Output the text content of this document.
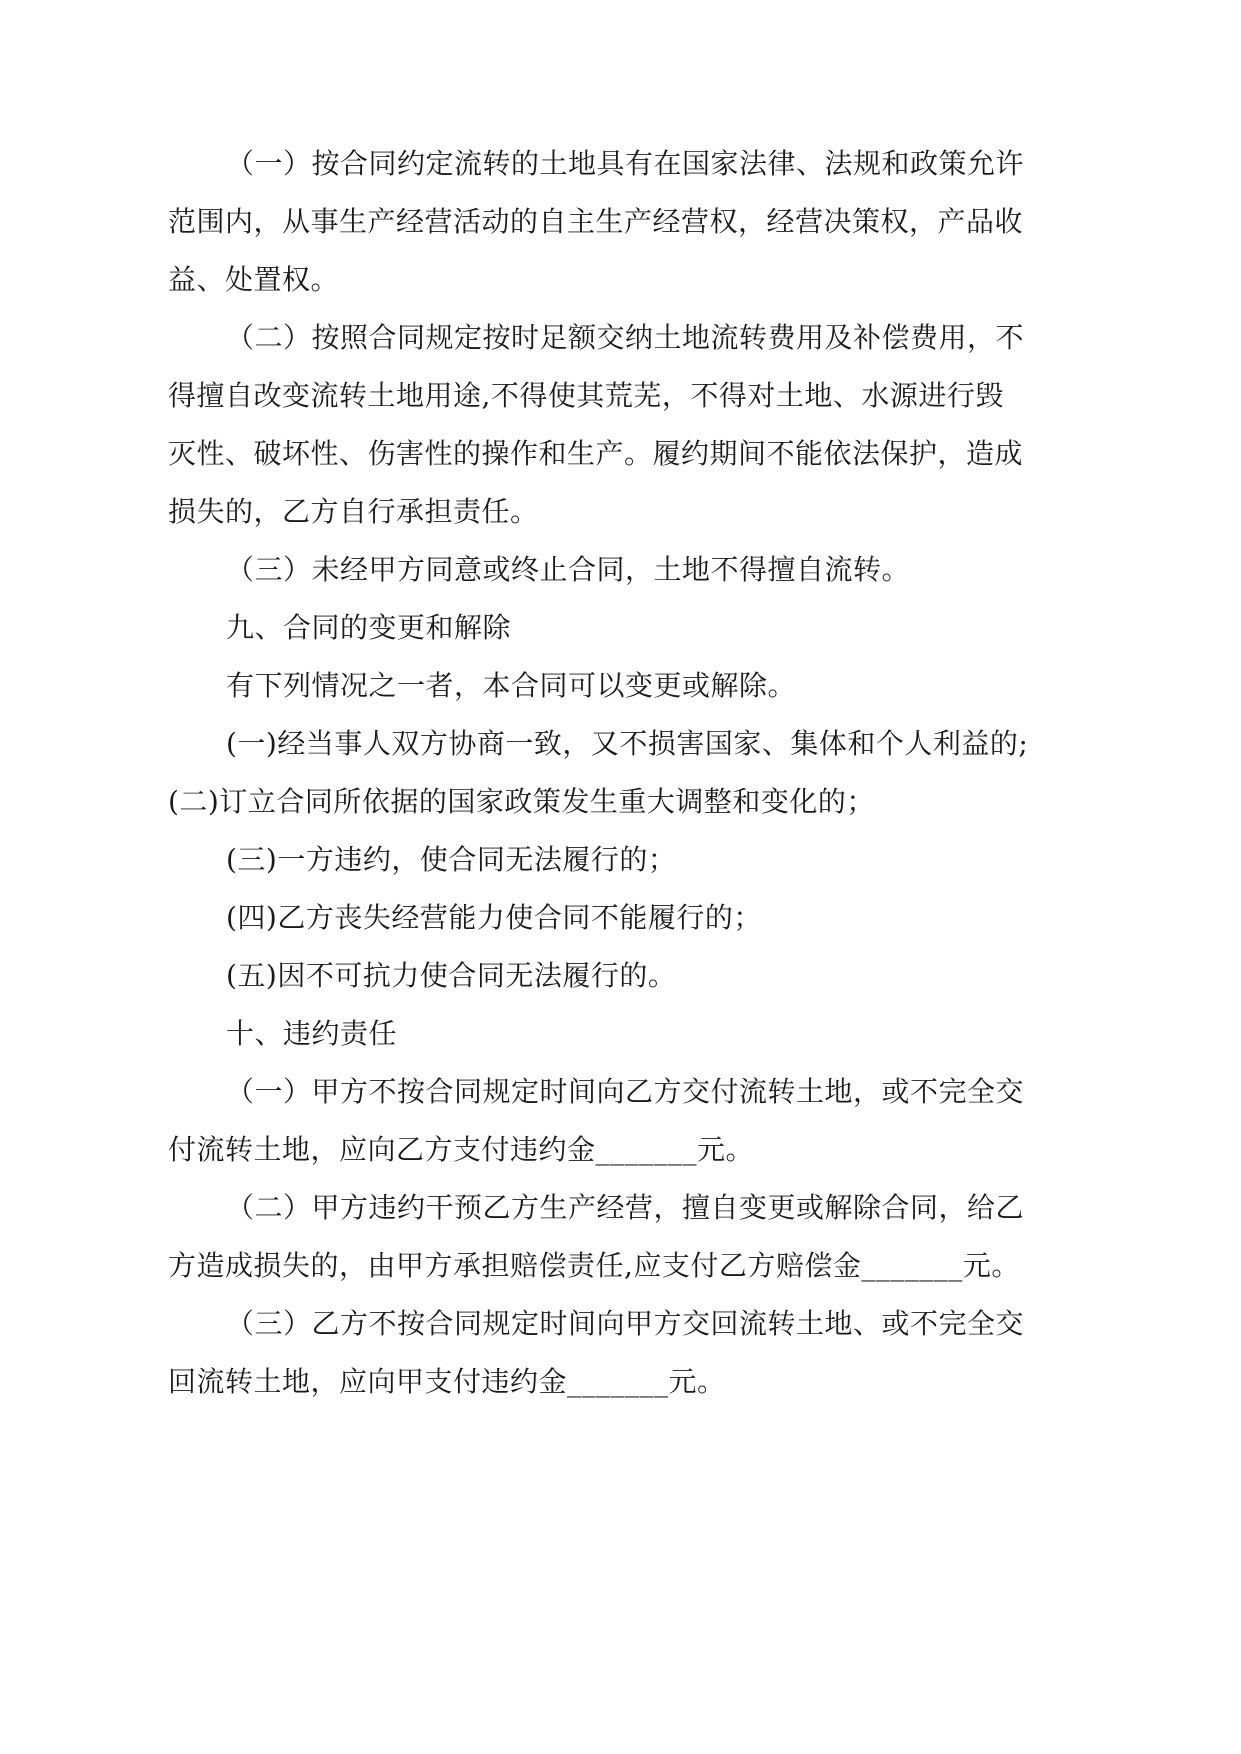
（一）按合同约定流转的土地具有在国家法律、法规和政策允许

范围内，从事生产经营活动的自主生产经营权，经营决策权，产品收

益、处置权。

（二）按照合同规定按时足额交纳土地流转费用及补偿费用，不

得擅自改变流转土地用途,不得使其荒芜，不得对土地、水源进行毁

灭性、破坏性、伤害性的操作和生产。履约期间不能依法保护，造成

损失的，乙方自行承担责任。

（三）未经甲方同意或终止合同，土地不得擅自流转。

九、合同的变更和解除

有下列情况之一者，本合同可以变更或解除。

(一)经当事人双方协商一致，又不损害国家、集体和个人利益的;

(二)订立合同所依据的国家政策发生重大调整和变化的；

(三)一方违约，使合同无法履行的；

(四)乙方丧失经营能力使合同不能履行的；

(五)因不可抗力使合同无法履行的。

十、违约责任

（一）甲方不按合同规定时间向乙方交付流转土地，或不完全交

付流转土地，应向乙方支付违约金_______元。

（二）甲方违约干预乙方生产经营，擅自变更或解除合同，给乙

方造成损失的，由甲方承担赔偿责任,应支付乙方赔偿金_______元。

（三）乙方不按合同规定时间向甲方交回流转土地、或不完全交

回流转土地，应向甲支付违约金_______元。
